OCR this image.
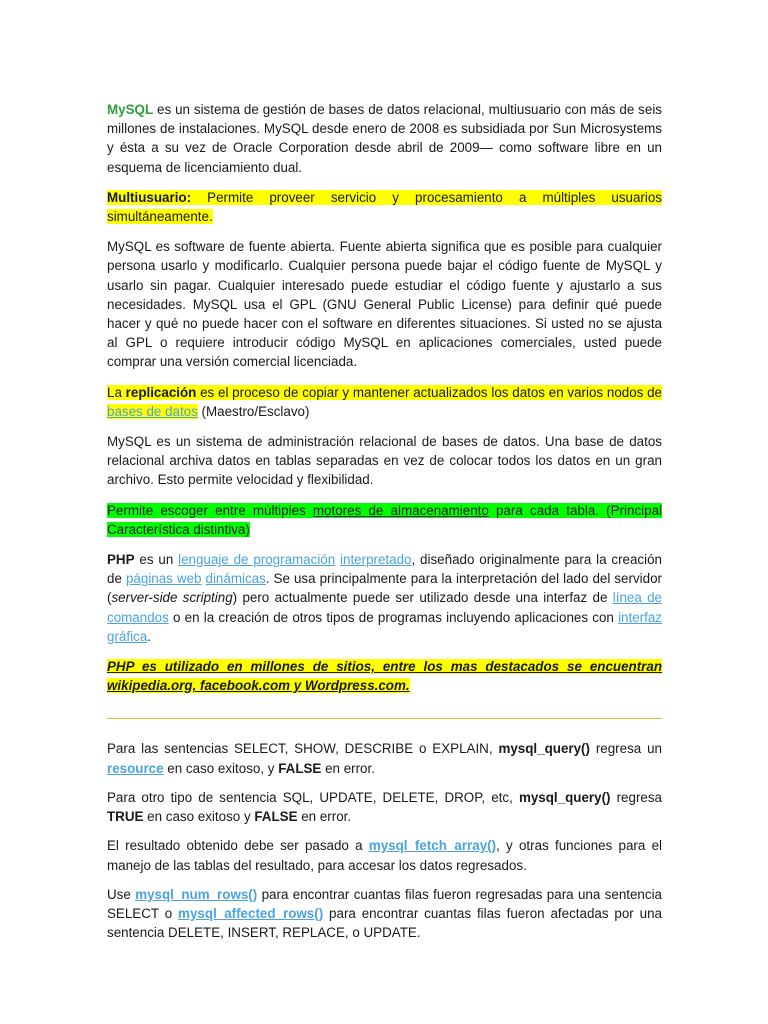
MySQL es un sistema de gestión de bases de datos relacional, multiusuario con más de seis millones de instalaciones. MySQL desde enero de 2008 es subsidiada por Sun Microsystems y ésta a su vez de Oracle Corporation desde abril de 2009— como software libre en un esquema de licenciamiento dual.

Multiusuario: Permite proveer servicio y procesamiento a múltiples usuarios simultáneamente.

MySQL es software de fuente abierta. Fuente abierta significa que es posible para cualquier persona usarlo y modificarlo. Cualquier persona puede bajar el código fuente de MySQL y usarlo sin pagar. Cualquier interesado puede estudiar el código fuente y ajustarlo a sus necesidades. MySQL usa el GPL (GNU General Public License) para definir qué puede hacer y qué no puede hacer con el software en diferentes situaciones. Si usted no se ajusta al GPL o requiere introducir código MySQL en aplicaciones comerciales, usted puede comprar una versión comercial licenciada.

La replicación es el proceso de copiar y mantener actualizados los datos en varios nodos de bases de datos (Maestro/Esclavo)

MySQL es un sistema de administración relacional de bases de datos. Una base de datos relacional archiva datos en tablas separadas en vez de colocar todos los datos en un gran archivo. Esto permite velocidad y flexibilidad.

Permite escoger entre múltiples motores de almacenamiento para cada tabla. (Principal Característica distintiva)

PHP es un lenguaje de programación interpretado, diseñado originalmente para la creación de páginas web dinámicas. Se usa principalmente para la interpretación del lado del servidor (server-side scripting) pero actualmente puede ser utilizado desde una interfaz de línea de comandos o en la creación de otros tipos de programas incluyendo aplicaciones con interfaz gráfica.

PHP es utilizado en millones de sitios, entre los mas destacados se encuentran wikipedia.org, facebook.com y Wordpress.com.

Para las sentencias SELECT, SHOW, DESCRIBE o EXPLAIN, mysql_query() regresa un resource en caso exitoso, y FALSE en error.

Para otro tipo de sentencia SQL, UPDATE, DELETE, DROP, etc, mysql_query() regresa TRUE en caso exitoso y FALSE en error.

El resultado obtenido debe ser pasado a mysql_fetch_array(), y otras funciones para el manejo de las tablas del resultado, para accesar los datos regresados.

Use mysql_num_rows() para encontrar cuantas filas fueron regresadas para una sentencia SELECT o mysql_affected_rows() para encontrar cuantas filas fueron afectadas por una sentencia DELETE, INSERT, REPLACE, o UPDATE.
